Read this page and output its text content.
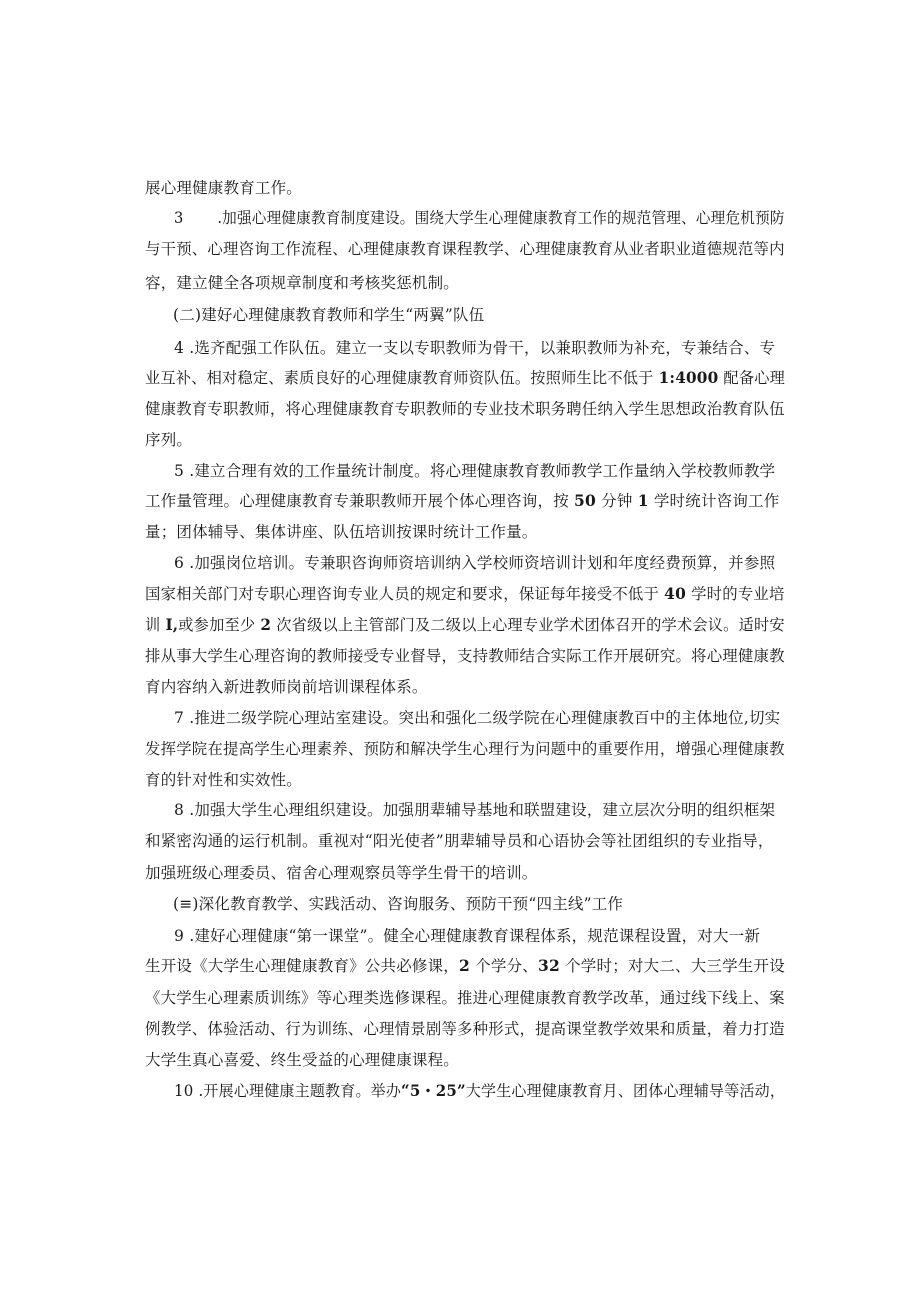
展心理健康教育工作。
3       .加强心理健康教育制度建设。围绕大学生心理健康教育工作的规范管理、心理危机预防
与干预、心理咨询工作流程、心理健康教育课程教学、心理健康教育从业者职业道德规范等内
容，建立健全各项规章制度和考核奖惩机制。
(二)建好心理健康教育教师和学生“两翼”队伍
4 .选齐配强工作队伍。建立一支以专职教师为骨干，以兼职教师为补充，专兼结合、专
业互补、相对稳定、素质良好的心理健康教育师资队伍。按照师生比不低于 1:4000 配备心理
健康教育专职教师，将心理健康教育专职教师的专业技术职务聘任纳入学生思想政治教育队伍
序列。
5 .建立合理有效的工作量统计制度。将心理健康教育教师教学工作量纳入学校教师教学
工作量管理。心理健康教育专兼职教师开展个体心理咨询，按 50 分钟 1 学时统计咨询工作
量；团体辅导、集体讲座、队伍培训按课时统计工作量。
6 .加强岗位培训。专兼职咨询师资培训纳入学校师资培训计划和年度经费预算，并参照
国家相关部门对专职心理咨询专业人员的规定和要求，保证每年接受不低于 40 学时的专业培
训 I,或参加至少 2 次省级以上主管部门及二级以上心理专业学术团体召开的学术会议。适时安
排从事大学生心理咨询的教师接受专业督导，支持教师结合实际工作开展研究。将心理健康教
育内容纳入新进教师岗前培训课程体系。
7 .推进二级学院心理站室建设。突出和强化二级学院在心理健康教百中的主体地位,切实
发挥学院在提高学生心理素养、预防和解决学生心理行为问题中的重要作用，增强心理健康教
育的针对性和实效性。
8 .加强大学生心理组织建设。加强朋辈辅导基地和联盟建设，建立层次分明的组织框架
和紧密沟通的运行机制。重视对“阳光使者”朋辈辅导员和心语协会等社团组织的专业指导，
加强班级心理委员、宿舍心理观察员等学生骨干的培训。
(≡)深化教育教学、实践活动、咨询服务、预防干预“四主线”工作
9 .建好心理健康“第一课堂”。健全心理健康教育课程体系，规范课程设置，对大一新
生开设《大学生心理健康教育》公共必修课，2 个学分、32 个学时；对大二、大三学生开设
《大学生心理素质训练》等心理类选修课程。推进心理健康教育教学改革，通过线下线上、案
例教学、体验活动、行为训练、心理情景剧等多种形式，提高课堂教学效果和质量，着力打造
大学生真心喜爱、终生受益的心理健康课程。
10 .开展心理健康主题教育。举办“5・25”大学生心理健康教育月、团体心理辅导等活动，
